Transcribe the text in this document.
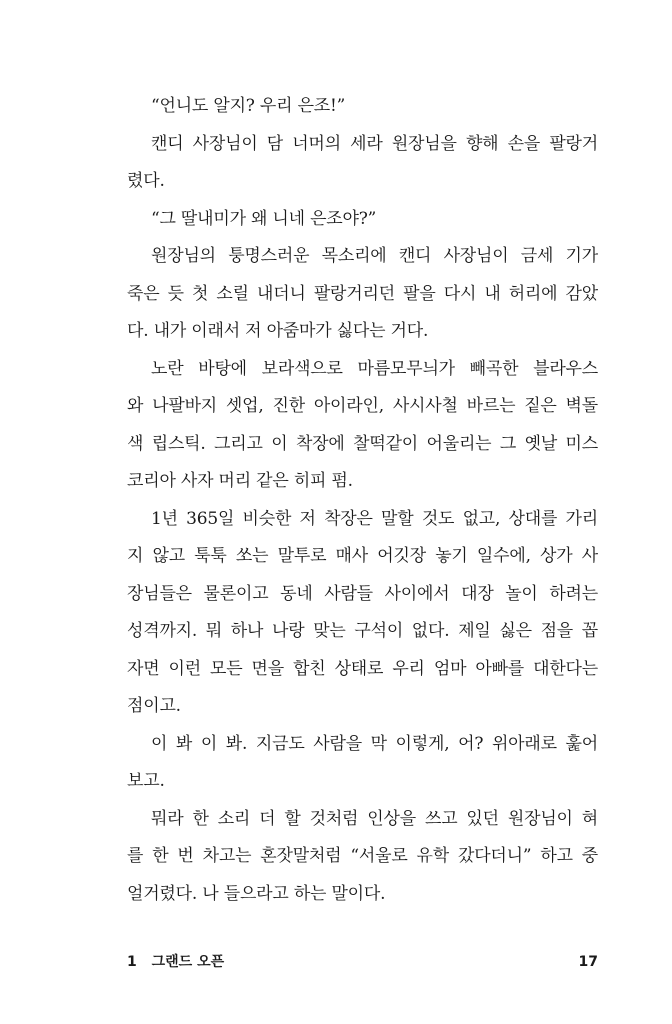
“언니도 알지? 우리 은조!”
캔디 사장님이 담 너머의 세라 원장님을 향해 손을 팔랑거
렸다.
“그 딸내미가 왜 니네 은조야?”
원장님의 퉁명스러운 목소리에 캔디 사장님이 금세 기가
죽은 듯 첫 소릴 내더니 팔랑거리던 팔을 다시 내 허리에 감았
다. 내가 이래서 저 아줌마가 싫다는 거다.
노란 바탕에 보라색으로 마름모무늬가 빼곡한 블라우스
와 나팔바지 셋업, 진한 아이라인, 사시사철 바르는 짙은 벽돌
색 립스틱. 그리고 이 착장에 찰떡같이 어울리는 그 옛날 미스
코리아 사자 머리 같은 히피 펌.
1년 365일 비슷한 저 착장은 말할 것도 없고, 상대를 가리
지 않고 툭툭 쏘는 말투로 매사 어깃장 놓기 일수에, 상가 사
장님들은 물론이고 동네 사람들 사이에서 대장 놀이 하려는
성격까지. 뭐 하나 나랑 맞는 구석이 없다. 제일 싫은 점을 꼽
자면 이런 모든 면을 합친 상태로 우리 엄마 아빠를 대한다는
점이고.
이 봐 이 봐. 지금도 사람을 막 이렇게, 어? 위아래로 훑어
보고.
뭐라 한 소리 더 할 것처럼 인상을 쓰고 있던 원장님이 혀
를 한 번 차고는 혼잣말처럼 “서울로 유학 갔다더니” 하고 중
얼거렸다. 나 들으라고 하는 말이다.
1 그랜드 오픈	17
